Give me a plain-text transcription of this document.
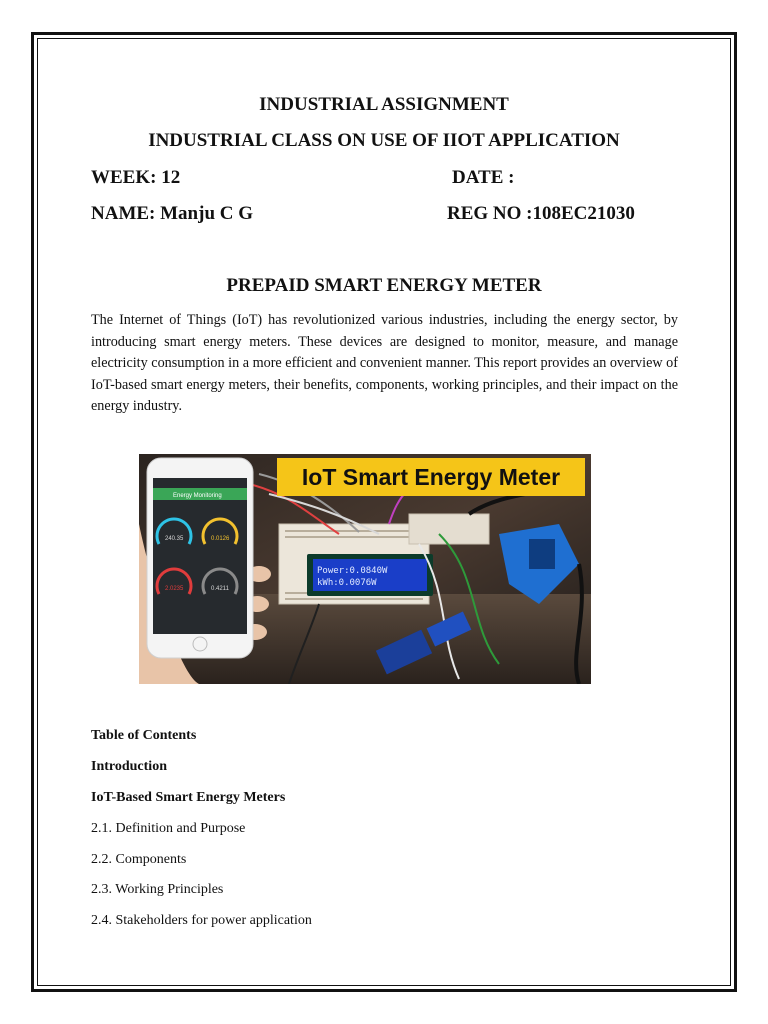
INDUSTRIAL ASSIGNMENT
INDUSTRIAL CLASS ON USE OF IIOT APPLICATION
WEEK: 12	DATE :
NAME: Manju C G	REG NO :108EC21030
PREPAID SMART ENERGY METER
The Internet of Things (IoT) has revolutionized various industries, including the energy sector, by introducing smart energy meters. These devices are designed to monitor, measure, and manage electricity consumption in a more efficient and convenient manner. This report provides an overview of IoT-based smart energy meters, their benefits, components, working principles, and their impact on the energy industry.
Power:0.0840W
kWh:0.0076W
IoT Smart Energy Meter
Energy Monitoring
240.35	0.0126
2.0235	0.4211
Table of Contents
Introduction
IoT-Based Smart Energy Meters
2.1. Definition and Purpose
2.2. Components
2.3. Working Principles
2.4. Stakeholders for power application
